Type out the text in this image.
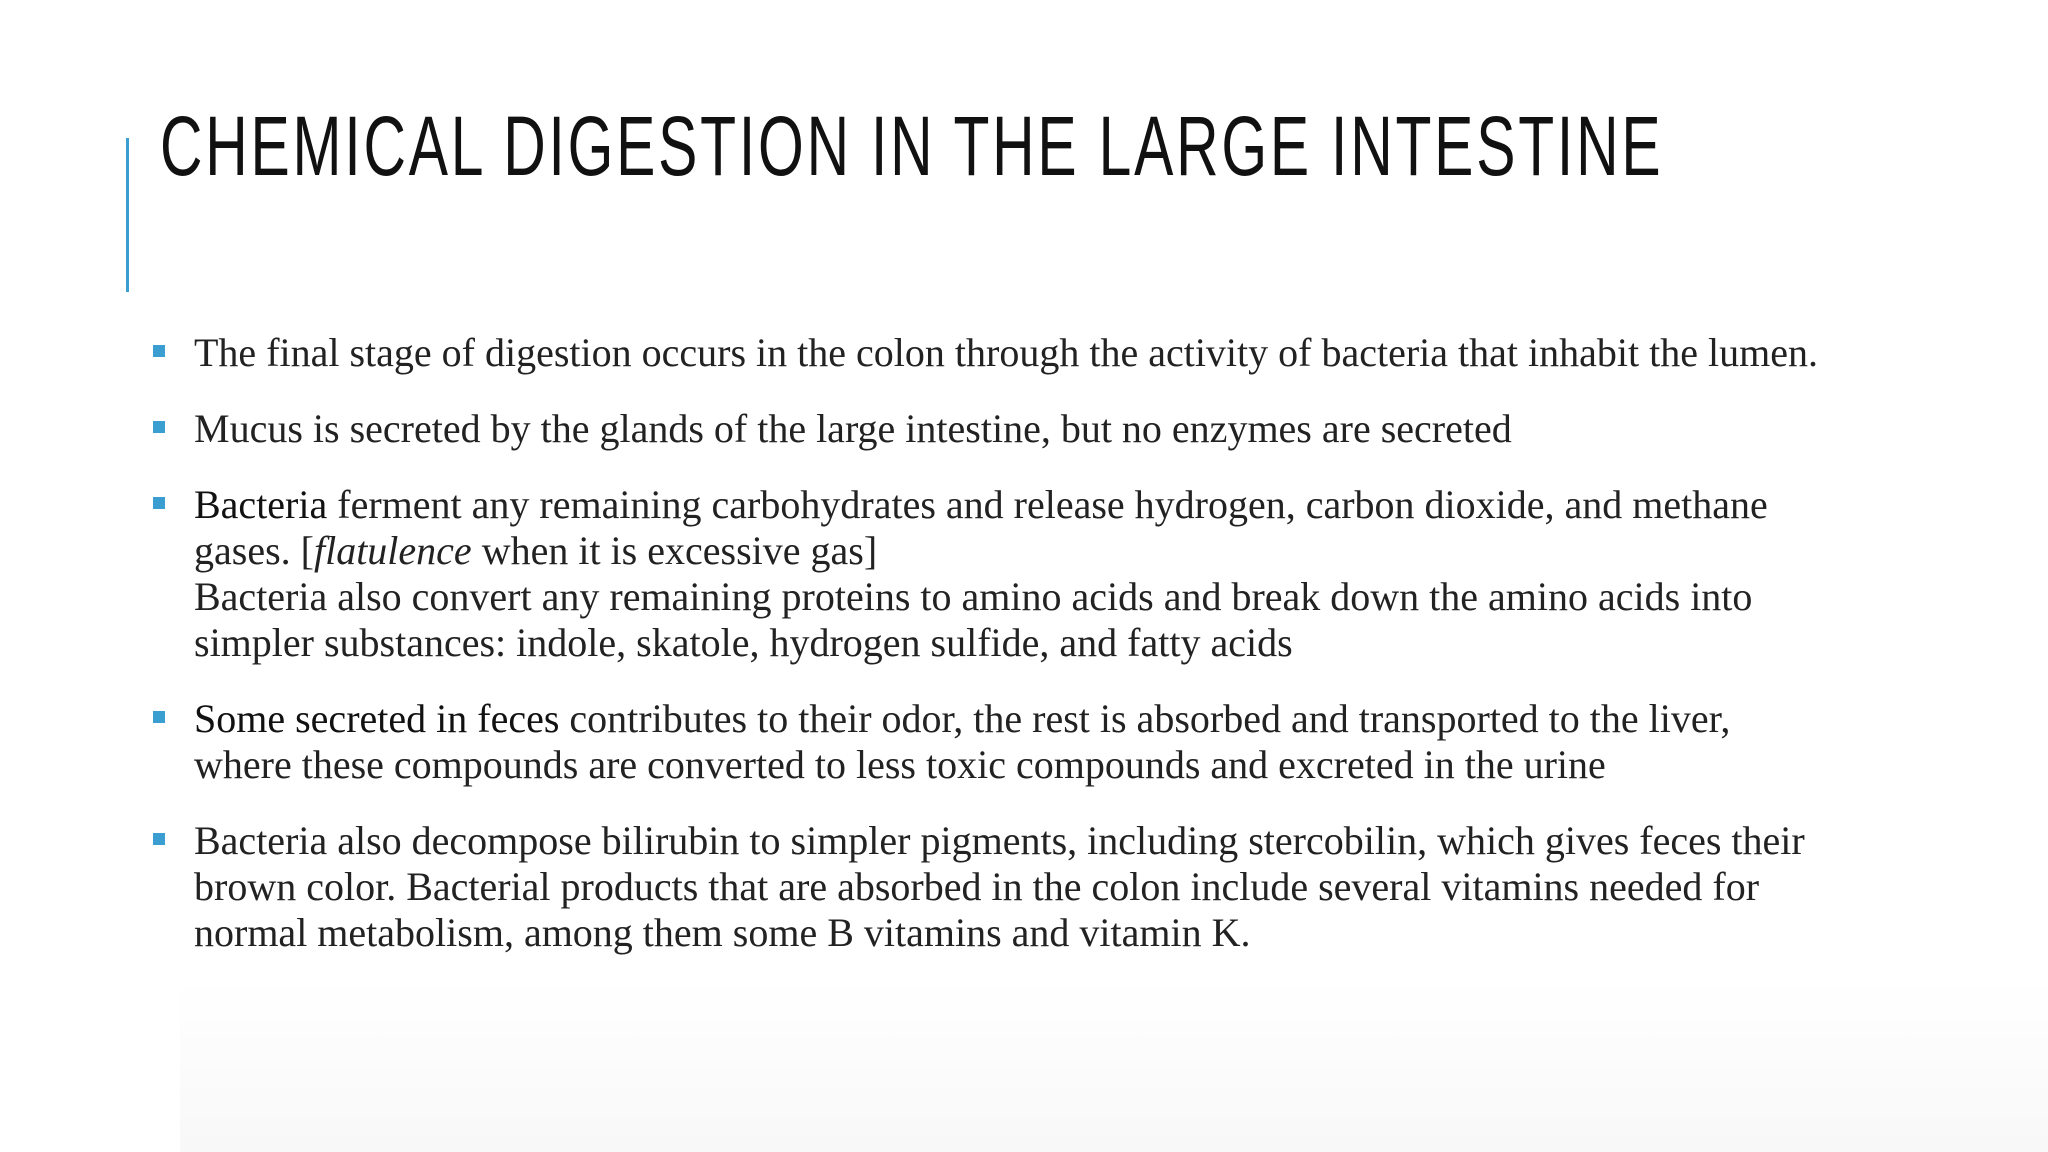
CHEMICAL DIGESTION IN THE LARGE INTESTINE
The final stage of digestion occurs in the colon through the activity of bacteria that inhabit the lumen.
Mucus is secreted by the glands of the large intestine, but no enzymes are secreted
Bacteria ferment any remaining carbohydrates and release hydrogen, carbon dioxide, and methane gases. [flatulence when it is excessive gas]
Bacteria also convert any remaining proteins to amino acids and break down the amino acids into simpler substances: indole, skatole, hydrogen sulfide, and fatty acids
Some secreted in feces contributes to their odor, the rest is absorbed and transported to the liver, where these compounds are converted to less toxic compounds and excreted in the urine
Bacteria also decompose bilirubin to simpler pigments, including stercobilin, which gives feces their brown color. Bacterial products that are absorbed in the colon include several vitamins needed for normal metabolism, among them some B vitamins and vitamin K.
